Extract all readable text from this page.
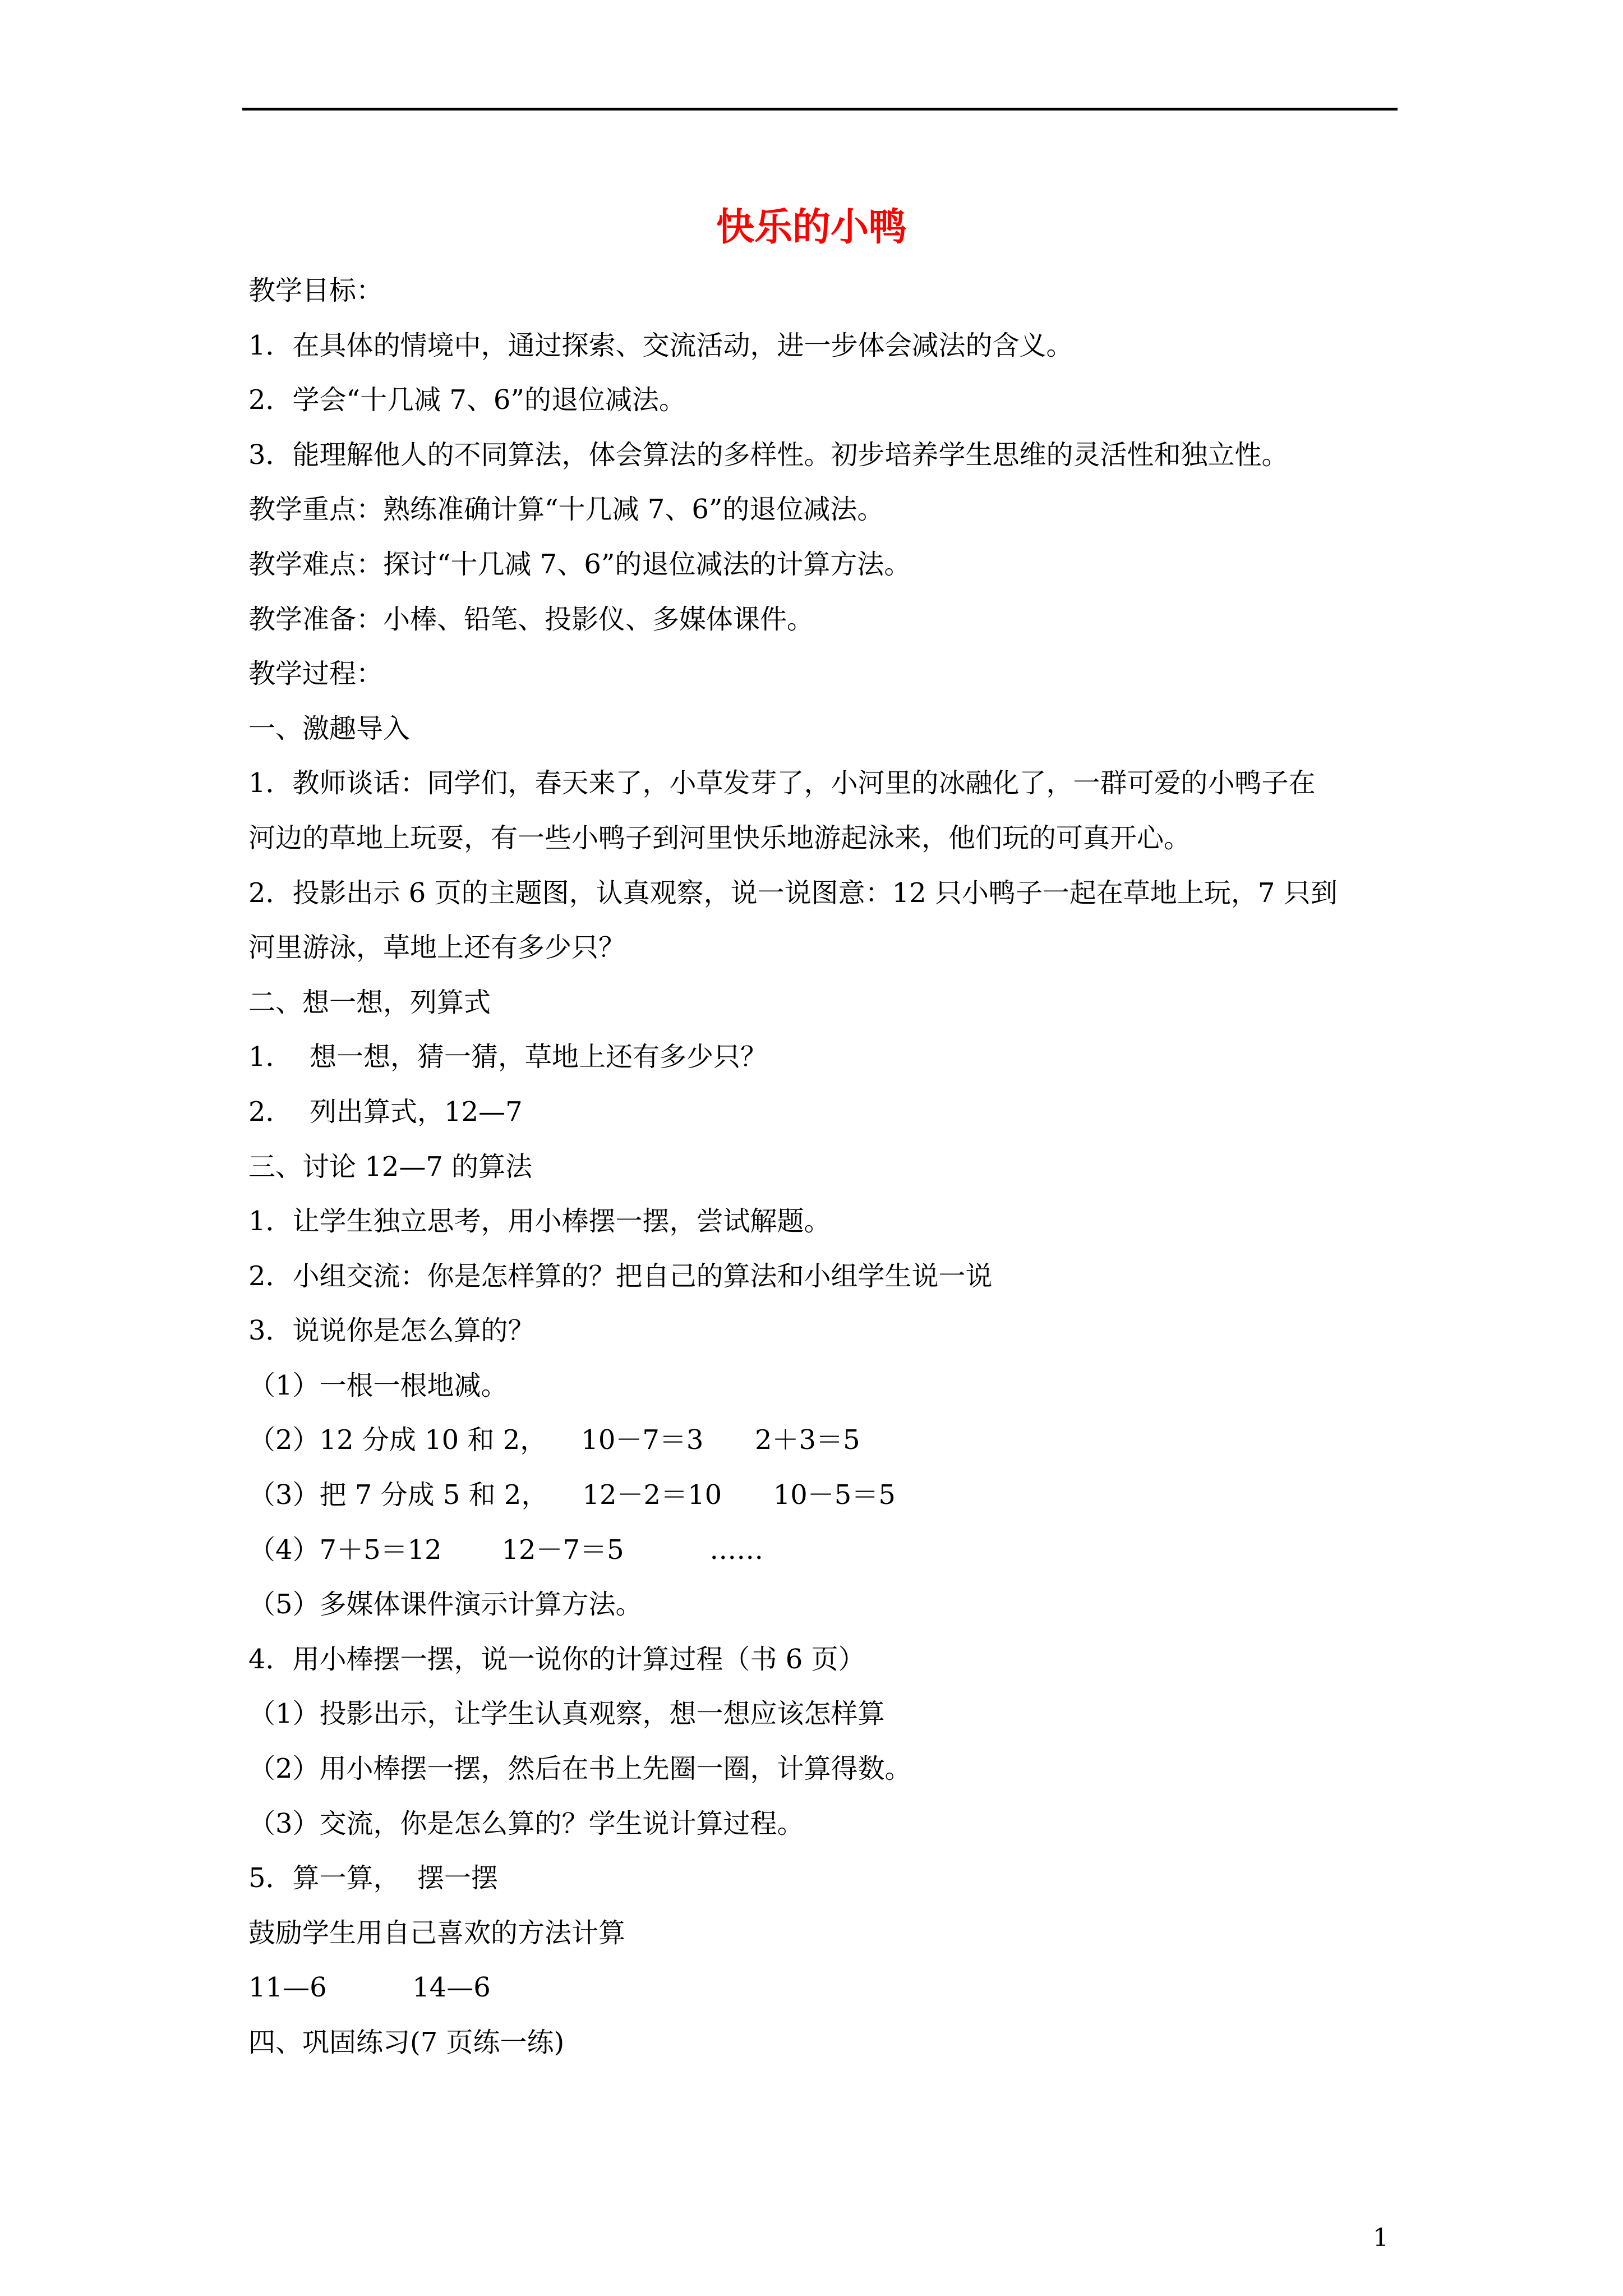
快乐的小鸭

教学目标：

1．在具体的情境中，通过探索、交流活动，进一步体会减法的含义。

2．学会“十几减 7、6”的退位减法。

3．能理解他人的不同算法，体会算法的多样性。初步培养学生思维的灵活性和独立性。

教学重点：熟练准确计算“十几减 7、6”的退位减法。

教学难点：探讨“十几减 7、6”的退位减法的计算方法。

教学准备：小棒、铅笔、投影仪、多媒体课件。

教学过程：

一、激趣导入

1．教师谈话：同学们，春天来了，小草发芽了，小河里的冰融化了，一群可爱的小鸭子在

河边的草地上玩耍，有一些小鸭子到河里快乐地游起泳来，他们玩的可真开心。

2．投影出示 6 页的主题图，认真观察，说一说图意：12 只小鸭子一起在草地上玩，7 只到

河里游泳，草地上还有多少只？

二、想一想，列算式

1．  想一想，猜一猜，草地上还有多少只？

2．  列出算式，12—7

三、讨论 12—7 的算法

1．让学生独立思考，用小棒摆一摆，尝试解题。

2．小组交流：你是怎样算的？把自己的算法和小组学生说一说

3．说说你是怎么算的？

（1）一根一根地减。

（2）12 分成 10 和 2，    10－7＝3      2＋3＝5

（3）把 7 分成 5 和 2，    12－2＝10      10－5＝5

（4）7＋5＝12       12－7＝5          ……

（5）多媒体课件演示计算方法。

4．用小棒摆一摆，说一说你的计算过程（书 6 页）

（1）投影出示，让学生认真观察，想一想应该怎样算

（2）用小棒摆一摆，然后在书上先圈一圈，计算得数。

（3）交流，你是怎么算的？学生说计算过程。

5．算一算，  摆一摆

鼓励学生用自己喜欢的方法计算

11—6          14—6

四、巩固练习(7 页练一练)

1
